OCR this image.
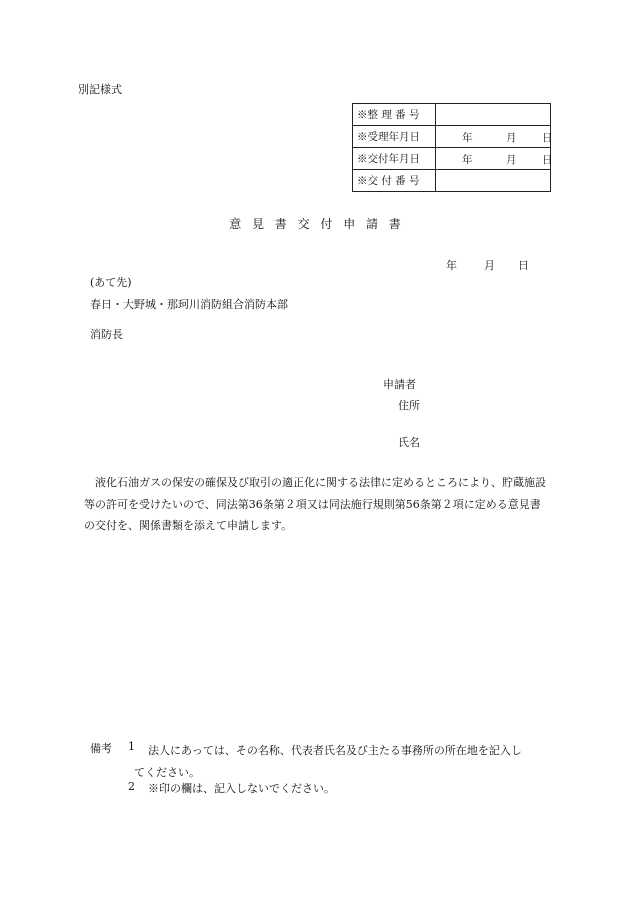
別記様式
※整 理 番 号	
※受理年月日	年 月 日

※交付年月日	年 月 日

※交 付 番 号	
意見書交付申請書
年 月 日
(あて先)
春日・大野城・那珂川消防組合消防本部
消防長
申請者
住所
氏名
液化石油ガスの保安の確保及び取引の適正化に関する法律に定めるところにより、貯蔵施設等の許可を受けたいので、同法第36条第２項又は同法施行規則第56条第２項に定める意見書の交付を、関係書類を添えて申請します。
備考 1 法人にあっては、その名称、代表者氏名及び主たる事務所の所在地を記入し
てください。
2 ※印の欄は、記入しないでください。
